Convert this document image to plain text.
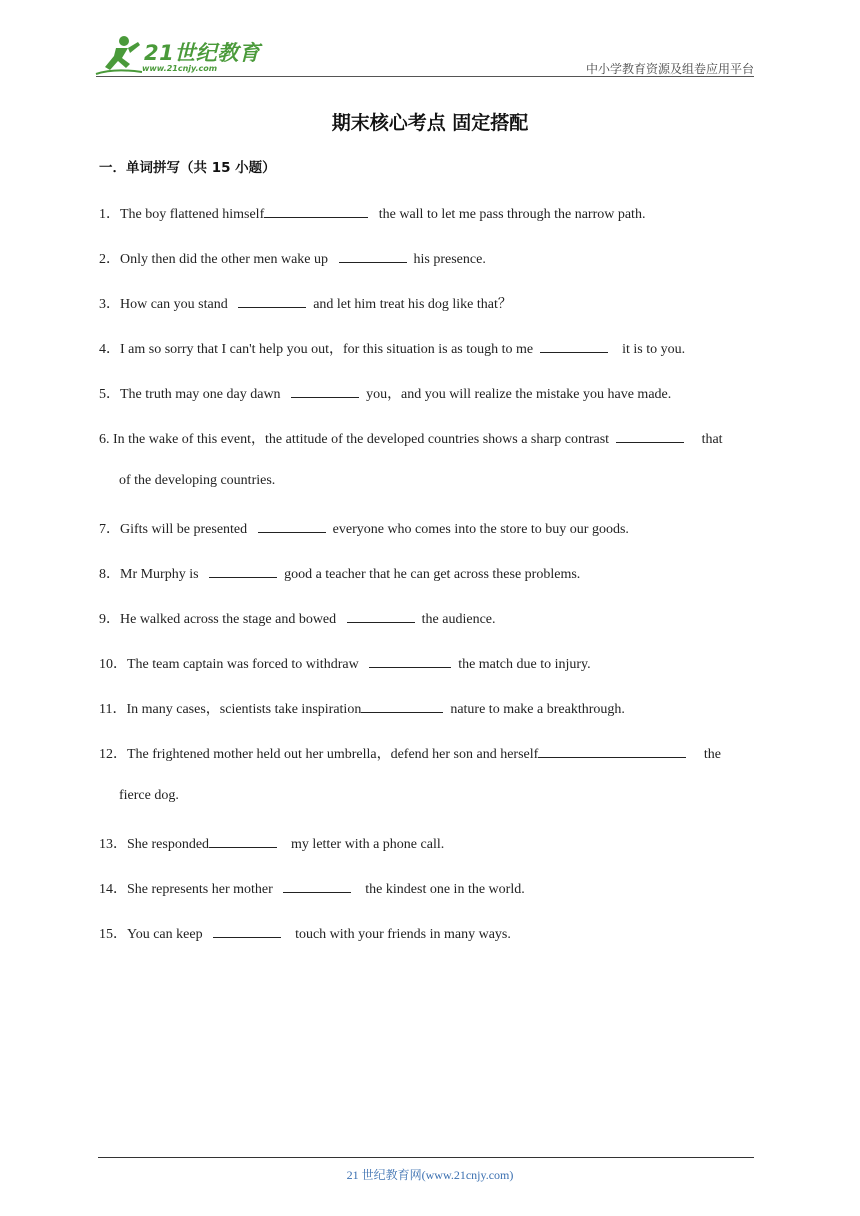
21世纪教育
www.21cnjy.com	中小学教育资源及组卷应用平台
期末核心考点 固定搭配
一．单词拼写（共 15 小题）
1．The boy flattened himself	the wall to let me pass through the narrow path.
2．Only then did the other men wake up	his presence.
3．How can you stand	and let him treat his dog like that？
4．I am so sorry that I can't help you out，for this situation is as tough to me	it is to you.
5．The truth may one day dawn	you，and you will realize the mistake you have made.
6. In the wake of this event，the attitude of the developed countries shows a sharp contrast	that
of the developing countries.
7．Gifts will be presented	everyone who comes into the store to buy our goods.
8．Mr Murphy is	good a teacher that he can get across these problems.
9．He walked across the stage and bowed	the audience.
10．The team captain was forced to withdraw	the match due to injury.
11．In many cases，scientists take inspiration	nature to make a breakthrough.
12．The frightened mother held out her umbrella，defend her son and herself	the
fierce dog.
13．She responded	my letter with a phone call.
14．She represents her mother	the kindest one in the world.
15．You can keep	touch with your friends in many ways.
21 世纪教育网(www.21cnjy.com)
